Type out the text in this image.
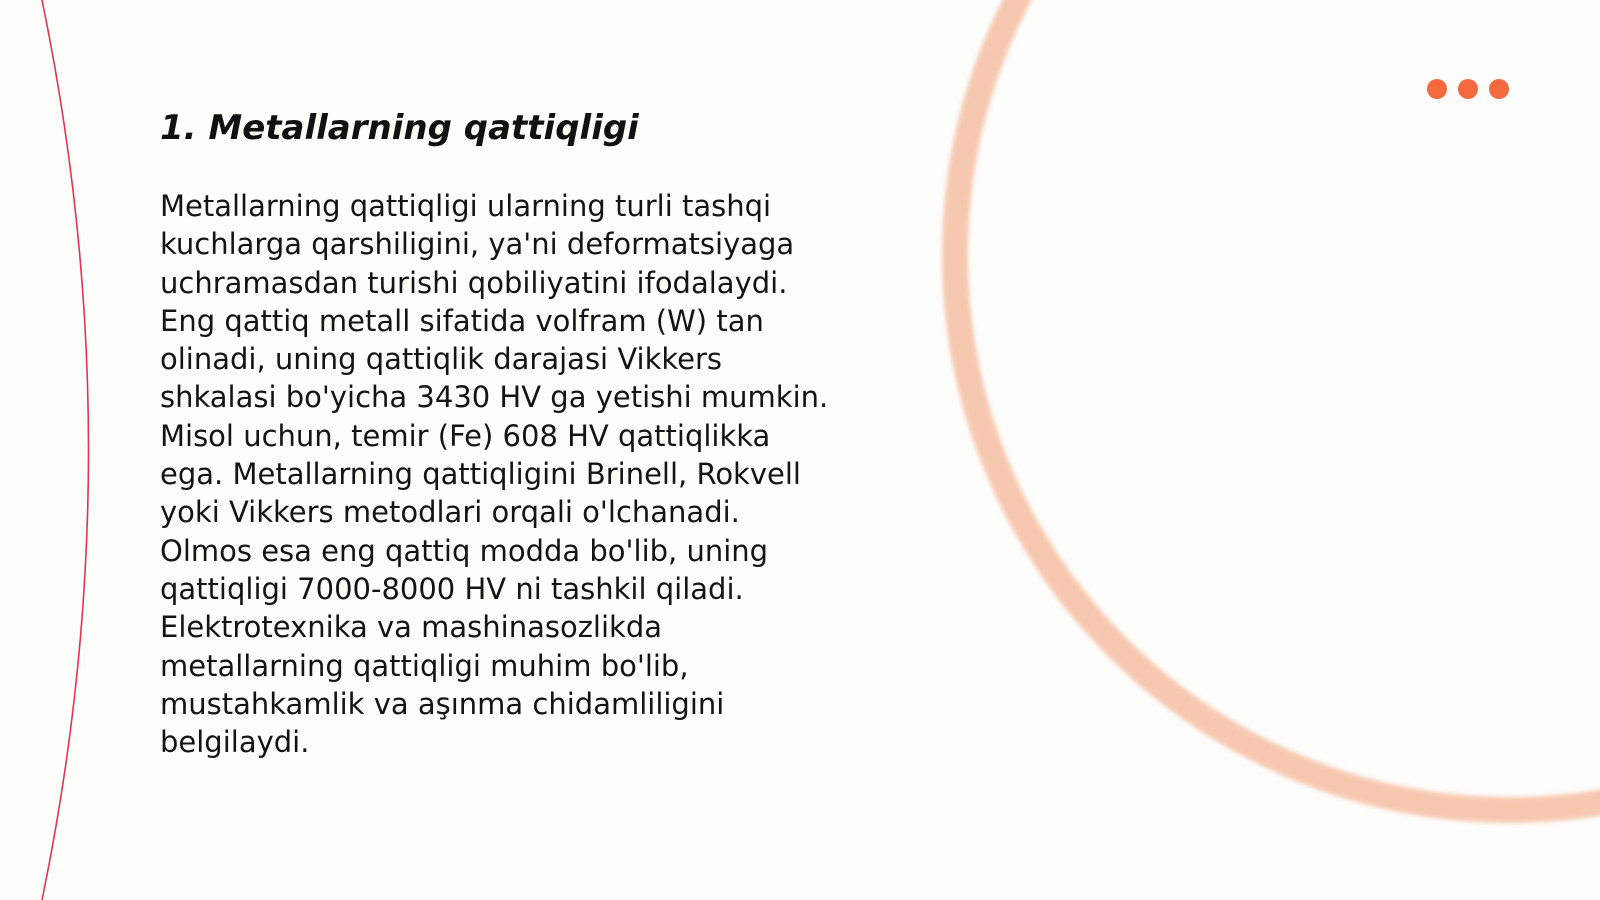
1. Metallarning qattiqligi
Metallarning qattiqligi ularning turli tashqi
kuchlarga qarshiligini, ya'ni deformatsiyaga
uchramasdan turishi qobiliyatini ifodalaydi.
Eng qattiq metall sifatida volfram (W) tan
olinadi, uning qattiqlik darajasi Vikkers
shkalasi bo'yicha 3430 HV ga yetishi mumkin.
Misol uchun, temir (Fe) 608 HV qattiqlikka
ega. Metallarning qattiqligini Brinell, Rokvell
yoki Vikkers metodlari orqali o'lchanadi.
Olmos esa eng qattiq modda bo'lib, uning
qattiqligi 7000-8000 HV ni tashkil qiladi.
Elektrotexnika va mashinasozlikda
metallarning qattiqligi muhim bo'lib,
mustahkamlik va aşınma chidamliligini
belgilaydi.
